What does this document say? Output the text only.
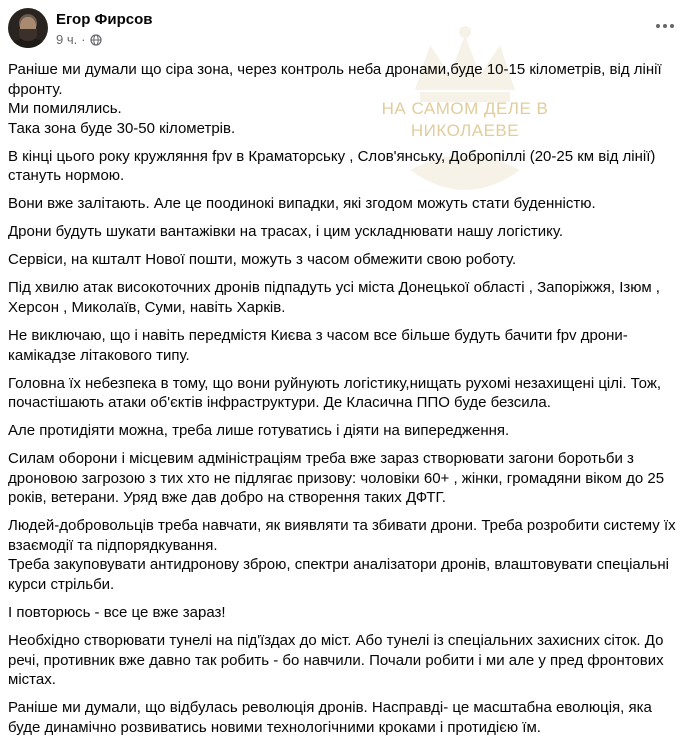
Егор Фирсов
9 ч. ·
НА САМОМ ДЕЛЕ В
НИКОЛАЕВЕ

Раніше ми думали що сіра зона, через контроль неба дронами,буде 10-15 кілометрів, від лінії фронту.
Ми помилялись.
Така зона буде 30-50 кілометрів.

В кінці цього року кружляння fpv в Краматорську , Слов'янську, Добропіллі (20-25 км від лінії) стануть нормою.

Вони вже залітають. Але це поодинокі випадки, які згодом можуть стати буденністю.

Дрони будуть шукати вантажівки на трасах, і цим ускладнювати нашу логістику.

Сервіси, на кшталт Нової пошти, можуть з часом обмежити свою роботу.

Під хвилю атак високоточних дронів підпадуть усі міста Донецької області , Запоріжжя, Ізюм , Херсон , Миколаїв, Суми, навіть Харків.

Не виключаю, що і навіть передмістя Києва з часом все більше будуть бачити fpv дрони-камікадзе літакового типу.

Головна їх небезпека в тому, що вони руйнують логістику,нищать рухомі незахищені цілі. Тож, почастішають атаки об'єктів інфраструктури. Де Класична ППО буде безсила.

Але протидіяти можна, треба лише готуватись і діяти на випередження.

Силам оборони і місцевим адміністраціям треба вже зараз створювати загони боротьби з дроновою загрозою з тих хто не підлягає призову: чоловіки 60+ , жінки, громадяни віком до 25 років, ветерани. Уряд вже дав добро на створення таких ДФТГ.

Людей-добровольців треба навчати, як виявляти та збивати дрони. Треба розробити систему їх взаємодії та підпорядкування.
Треба закуповувати антидронову зброю, спектри аналізатори дронів, влаштовувати спеціальні курси стрільби.

І повторюсь - все це вже зараз!

Необхідно створювати тунелі на під'їздах до міст. Або тунелі із спеціальних захисних сіток. До речі, противник вже давно так робить - бо навчили. Почали робити і ми але у пред фронтових містах.

Раніше ми думали, що відбулась революція дронів. Насправді- це масштабна еволюція, яка буде динамічно розвиватись новими технологічними кроками і протидією їм.
